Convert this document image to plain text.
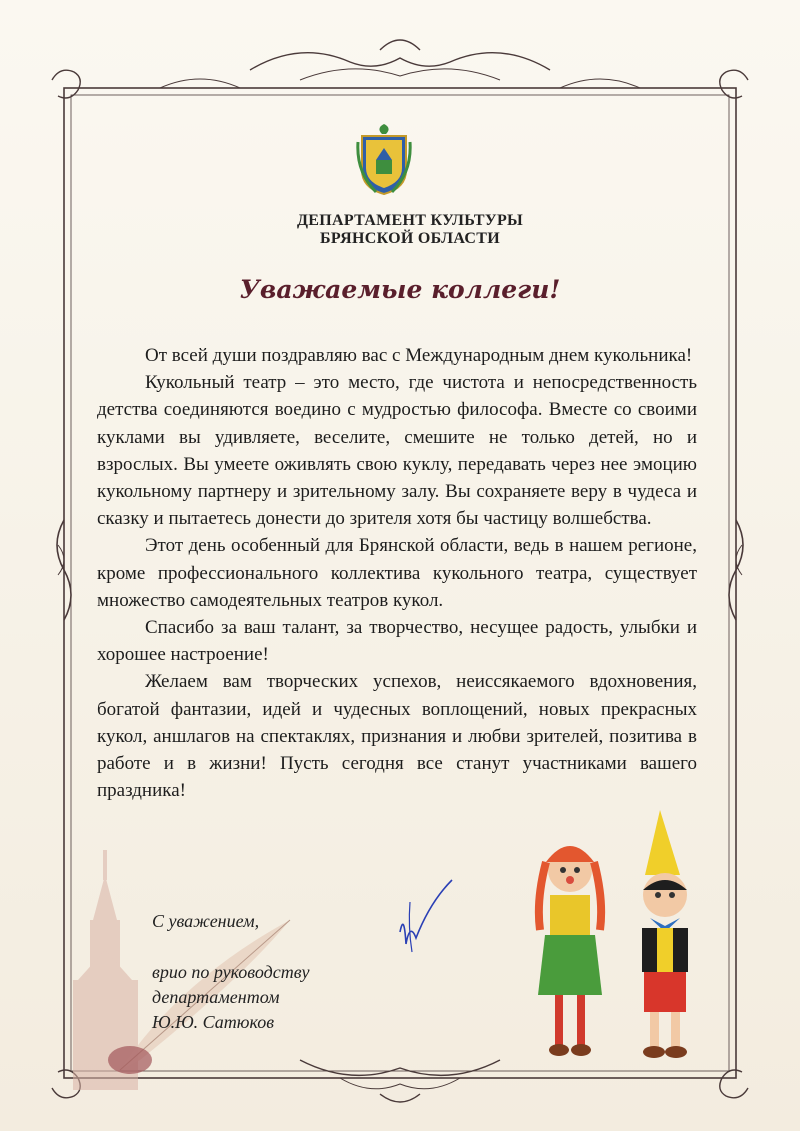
ДЕПАРТАМЕНТ КУЛЬТУРЫ
БРЯНСКОЙ ОБЛАСТИ
Уважаемые коллеги!

От всей души поздравляю вас с Международным днем кукольника!

Кукольный театр – это место, где чистота и непосредственность детства соединяются воедино с мудростью философа. Вместе со своими куклами вы удивляете, веселите, смешите не только детей, но и взрослых. Вы умеете оживлять свою куклу, передавать через нее эмоцию кукольному партнеру и зрительному залу. Вы сохраняете веру в чудеса и сказку и пытаетесь донести до зрителя хотя бы частицу волшебства.

Этот день особенный для Брянской области, ведь в нашем регионе, кроме профессионального коллектива кукольного театра, существует множество самодеятельных театров кукол.

Спасибо за ваш талант, за творчество, несущее радость, улыбки и хорошее настроение!

Желаем вам творческих успехов, неиссякаемого вдохновения, богатой фантазии, идей и чудесных воплощений, новых прекрасных кукол, аншлагов на спектаклях, признания и любви зрителей, позитива в работе и в жизни! Пусть сегодня все станут участниками вашего праздника!

С уважением,
врио по руководству
департаментом
Ю.Ю. Сатюков
